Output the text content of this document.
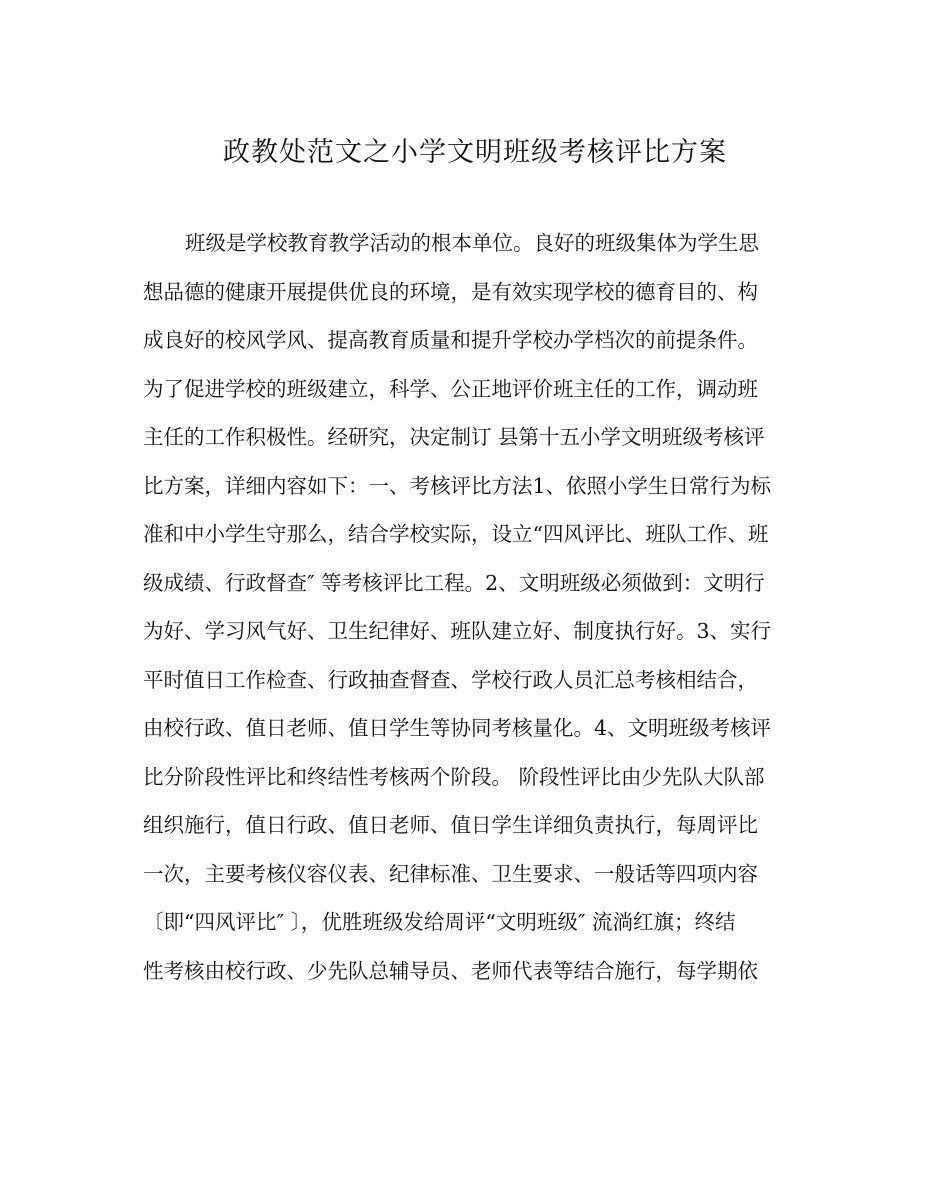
政教处范文之小学文明班级考核评比方案
班级是学校教育教学活动的根本单位。良好的班级集体为学生思
想品德的健康开展提供优良的环境，是有效实现学校的德育目的、构
成良好的校风学风、提高教育质量和提升学校办学档次的前提条件。
为了促进学校的班级建立，科学、公正地评价班主任的工作，调动班
主任的工作积极性。经研究，决定制订 县第十五小学文明班级考核评
比方案，详细内容如下：一、考核评比方法1、依照小学生日常行为标
准和中小学生守那么，结合学校实际，设立“四风评比、班队工作、班
级成绩、行政督查″ 等考核评比工程。2、文明班级必须做到：文明行
为好、学习风气好、卫生纪律好、班队建立好、制度执行好。3、实行
平时值日工作检查、行政抽查督查、学校行政人员汇总考核相结合，
由校行政、值日老师、值日学生等协同考核量化。4、文明班级考核评
比分阶段性评比和终结性考核两个阶段。 阶段性评比由少先队大队部
组织施行，值日行政、值日老师、值日学生详细负责执行，每周评比
一次，主要考核仪容仪表、纪律标准、卫生要求、一般话等四项内容
〔即“四风评比″ 〕，优胜班级发给周评“文明班级″ 流淌红旗；终结
性考核由校行政、少先队总辅导员、老师代表等结合施行，每学期依
